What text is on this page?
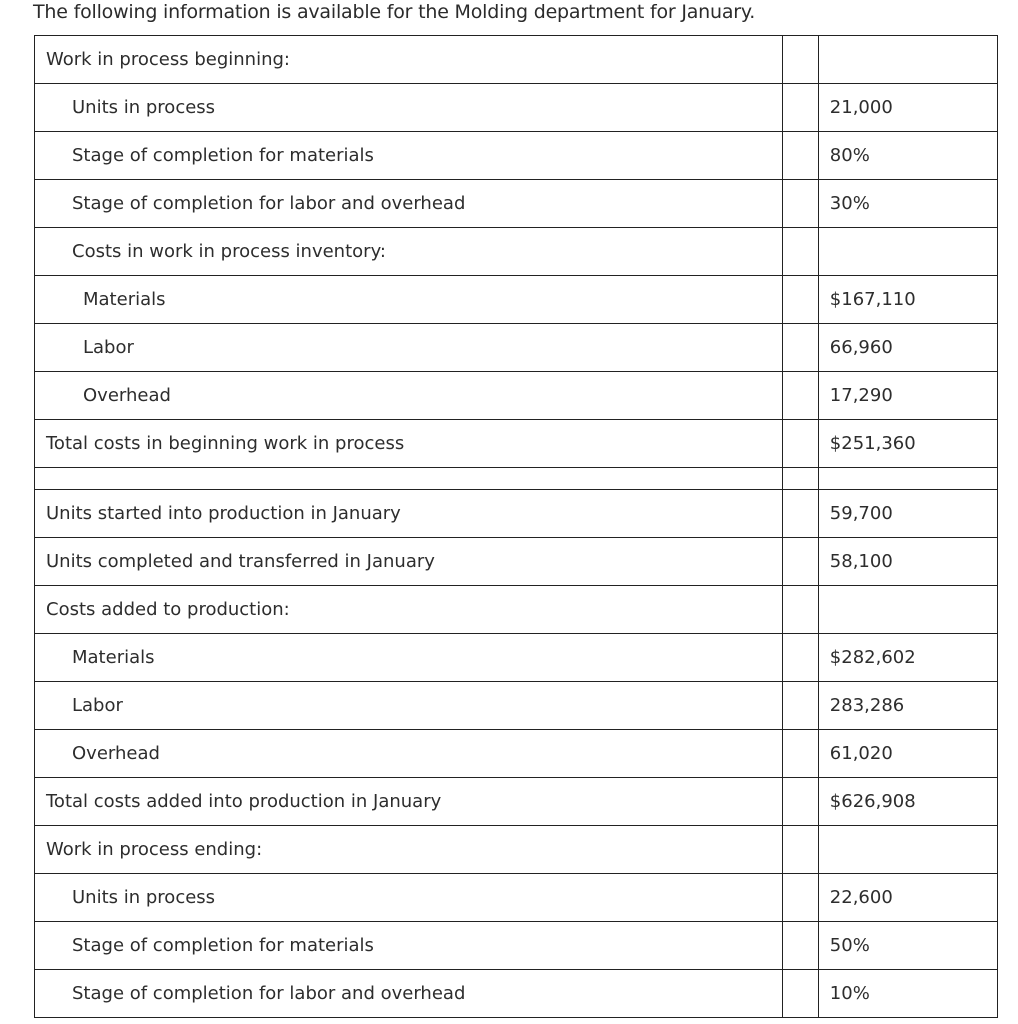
The following information is available for the Molding department for January.
Work in process beginning:		
Units in process		21,000
Stage of completion for materials		80%
Stage of completion for labor and overhead		30%
Costs in work in process inventory:		
Materials		$167,110
Labor		66,960
Overhead		17,290
Total costs in beginning work in process		$251,360

Units started into production in January		59,700
Units completed and transferred in January		58,100
Costs added to production:		
Materials		$282,602
Labor		283,286
Overhead		61,020
Total costs added into production in January		$626,908
Work in process ending:		
Units in process		22,600
Stage of completion for materials		50%
Stage of completion for labor and overhead		10%
